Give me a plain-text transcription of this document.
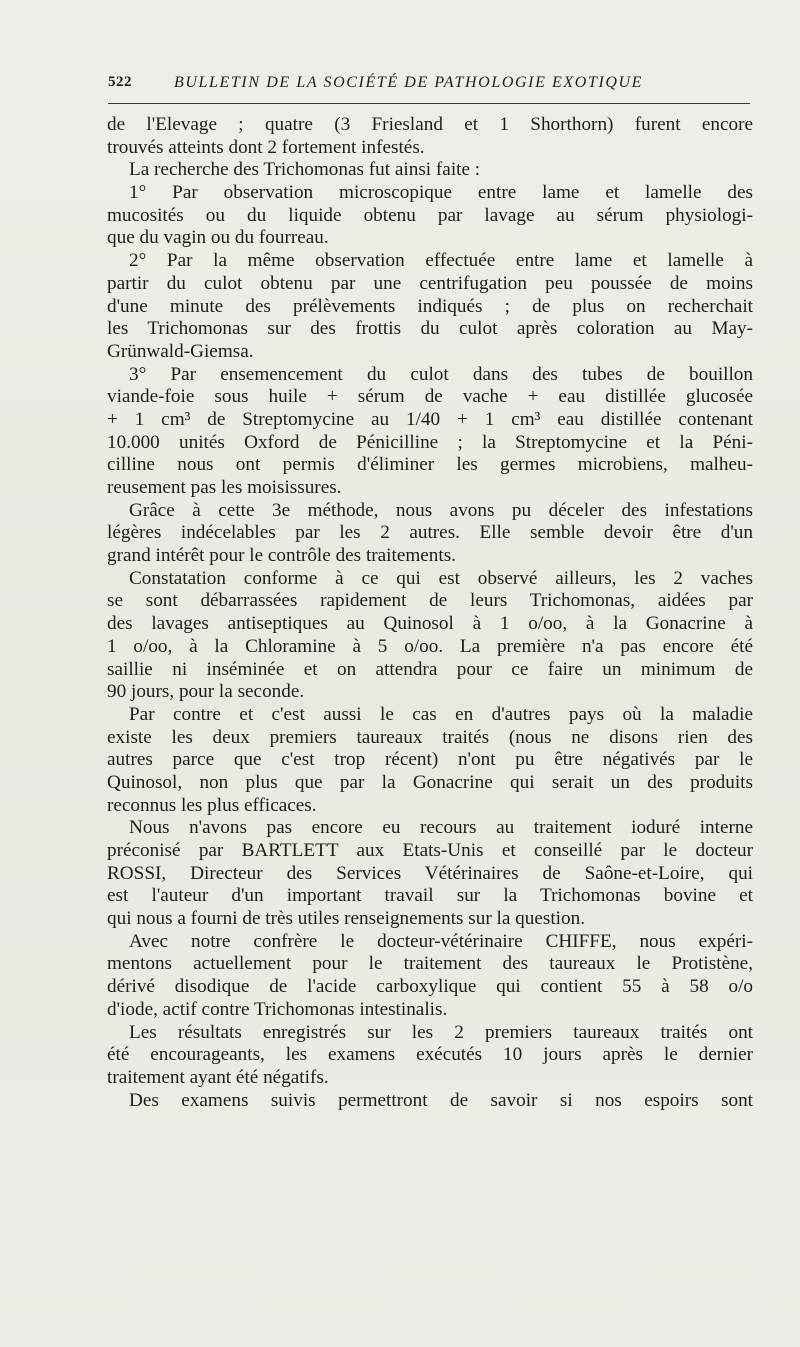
522	BULLETIN DE LA SOCIÉTÉ DE PATHOLOGIE EXOTIQUE
de l'Elevage ; quatre (3 Friesland et 1 Shorthorn) furent encore
trouvés atteints dont 2 fortement infestés.
La recherche des Trichomonas fut ainsi faite :
1° Par observation microscopique entre lame et lamelle des
mucosités ou du liquide obtenu par lavage au sérum physiologi-
que du vagin ou du fourreau.
2° Par la même observation effectuée entre lame et lamelle à
partir du culot obtenu par une centrifugation peu poussée de moins
d'une minute des prélèvements indiqués ; de plus on recherchait
les Trichomonas sur des frottis du culot après coloration au May-
Grünwald-Giemsa.
3° Par ensemencement du culot dans des tubes de bouillon
viande-foie sous huile + sérum de vache + eau distillée glucosée
+ 1 cm³ de Streptomycine au 1/40 + 1 cm³ eau distillée contenant
10.000 unités Oxford de Pénicilline ; la Streptomycine et la Péni-
cilline nous ont permis d'éliminer les germes microbiens, malheu-
reusement pas les moisissures.
Grâce à cette 3e méthode, nous avons pu déceler des infestations
légères indécelables par les 2 autres. Elle semble devoir être d'un
grand intérêt pour le contrôle des traitements.
Constatation conforme à ce qui est observé ailleurs, les 2 vaches
se sont débarrassées rapidement de leurs Trichomonas, aidées par
des lavages antiseptiques au Quinosol à 1 o/oo, à la Gonacrine à
1 o/oo, à la Chloramine à 5 o/oo. La première n'a pas encore été
saillie ni inséminée et on attendra pour ce faire un minimum de
90 jours, pour la seconde.
Par contre et c'est aussi le cas en d'autres pays où la maladie
existe les deux premiers taureaux traités (nous ne disons rien des
autres parce que c'est trop récent) n'ont pu être négativés par le
Quinosol, non plus que par la Gonacrine qui serait un des produits
reconnus les plus efficaces.
Nous n'avons pas encore eu recours au traitement ioduré interne
préconisé par BARTLETT aux Etats-Unis et conseillé par le docteur
ROSSI, Directeur des Services Vétérinaires de Saône-et-Loire, qui
est l'auteur d'un important travail sur la Trichomonas bovine et
qui nous a fourni de très utiles renseignements sur la question.
Avec notre confrère le docteur-vétérinaire CHIFFE, nous expéri-
mentons actuellement pour le traitement des taureaux le Protistène,
dérivé disodique de l'acide carboxylique qui contient 55 à 58 o/o
d'iode, actif contre Trichomonas intestinalis.
Les résultats enregistrés sur les 2 premiers taureaux traités ont
été encourageants, les examens exécutés 10 jours après le dernier
traitement ayant été négatifs.
Des examens suivis permettront de savoir si nos espoirs sont
